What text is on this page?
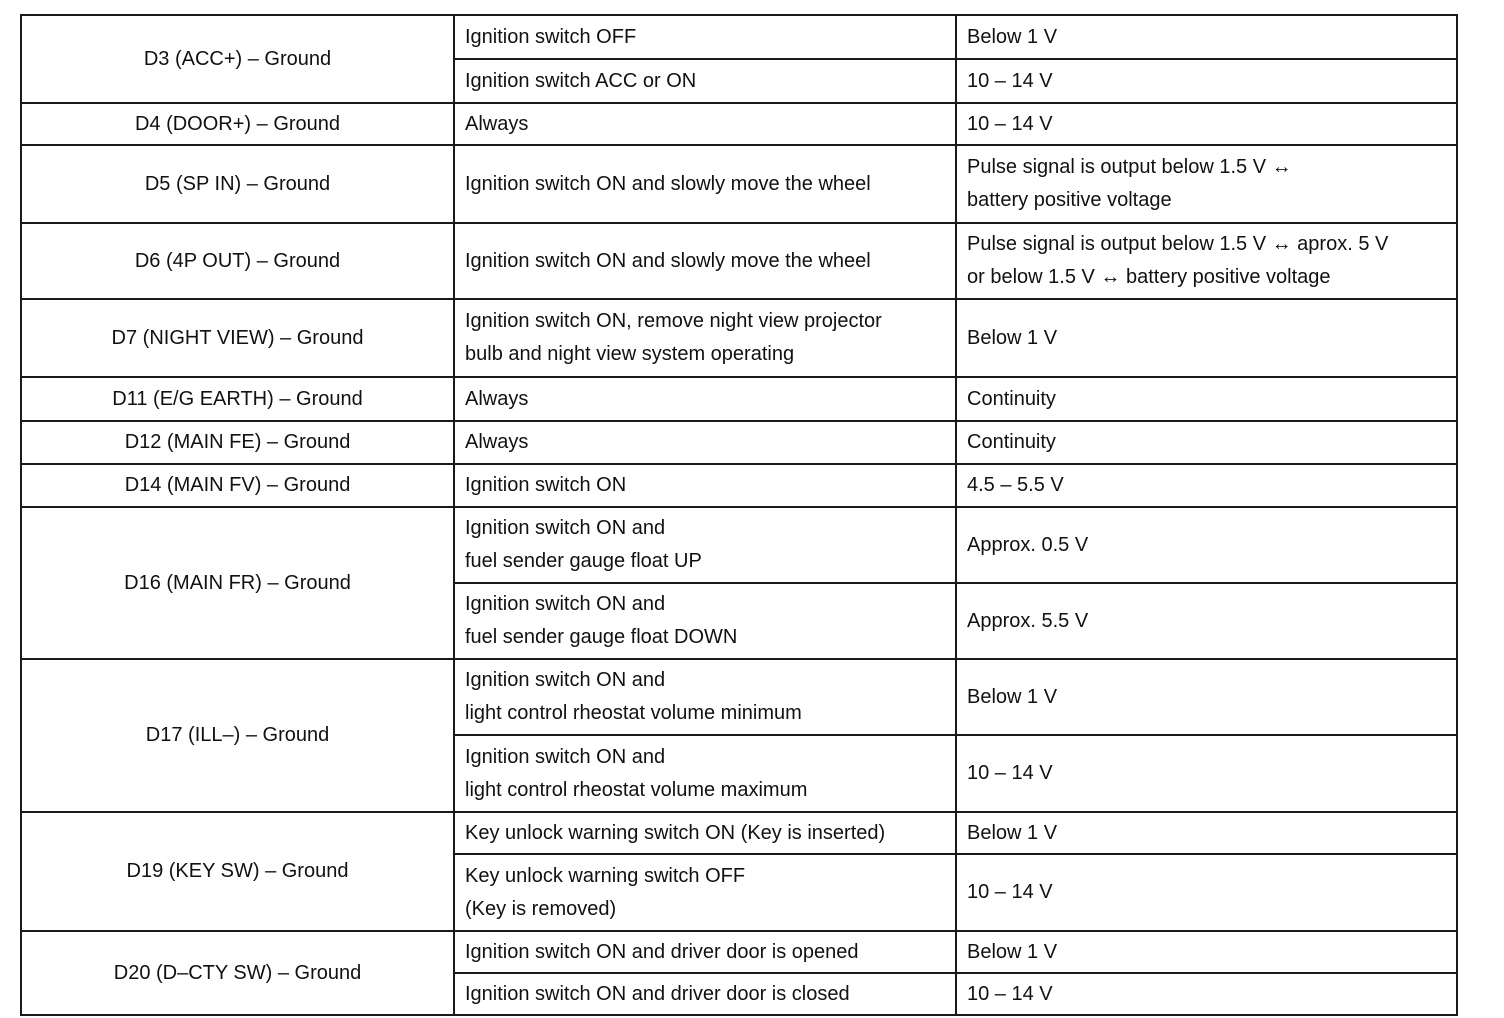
D3 (ACC+) – Ground	Ignition switch OFF	Below 1 V

	Ignition switch ACC or ON	10 – 14 V

D4 (DOOR+) – Ground	Always	10 – 14 V

D5 (SP IN) – Ground	Ignition switch ON and slowly move the wheel	Pulse signal is output below 1.5 V ↔
battery positive voltage

D6 (4P OUT) – Ground	Ignition switch ON and slowly move the wheel	Pulse signal is output below 1.5 V ↔ aprox. 5 V
or below 1.5 V ↔ battery positive voltage

D7 (NIGHT VIEW) – Ground	Ignition switch ON, remove night view projector
bulb and night view system operating	Below 1 V

D11 (E/G EARTH) – Ground	Always	Continuity

D12 (MAIN FE) – Ground	Always	Continuity

D14 (MAIN FV) – Ground	Ignition switch ON	4.5 – 5.5 V

D16 (MAIN FR) – Ground	Ignition switch ON and
fuel sender gauge float UP	Approx. 0.5 V

	Ignition switch ON and
fuel sender gauge float DOWN	Approx. 5.5 V

D17 (ILL–) – Ground	Ignition switch ON and
light control rheostat volume minimum	Below 1 V

	Ignition switch ON and
light control rheostat volume maximum	10 – 14 V

D19 (KEY SW) – Ground	Key unlock warning switch ON (Key is inserted)	Below 1 V

	Key unlock warning switch OFF
(Key is removed)	10 – 14 V

D20 (D–CTY SW) – Ground	Ignition switch ON and driver door is opened	Below 1 V

	Ignition switch ON and driver door is closed	10 – 14 V
